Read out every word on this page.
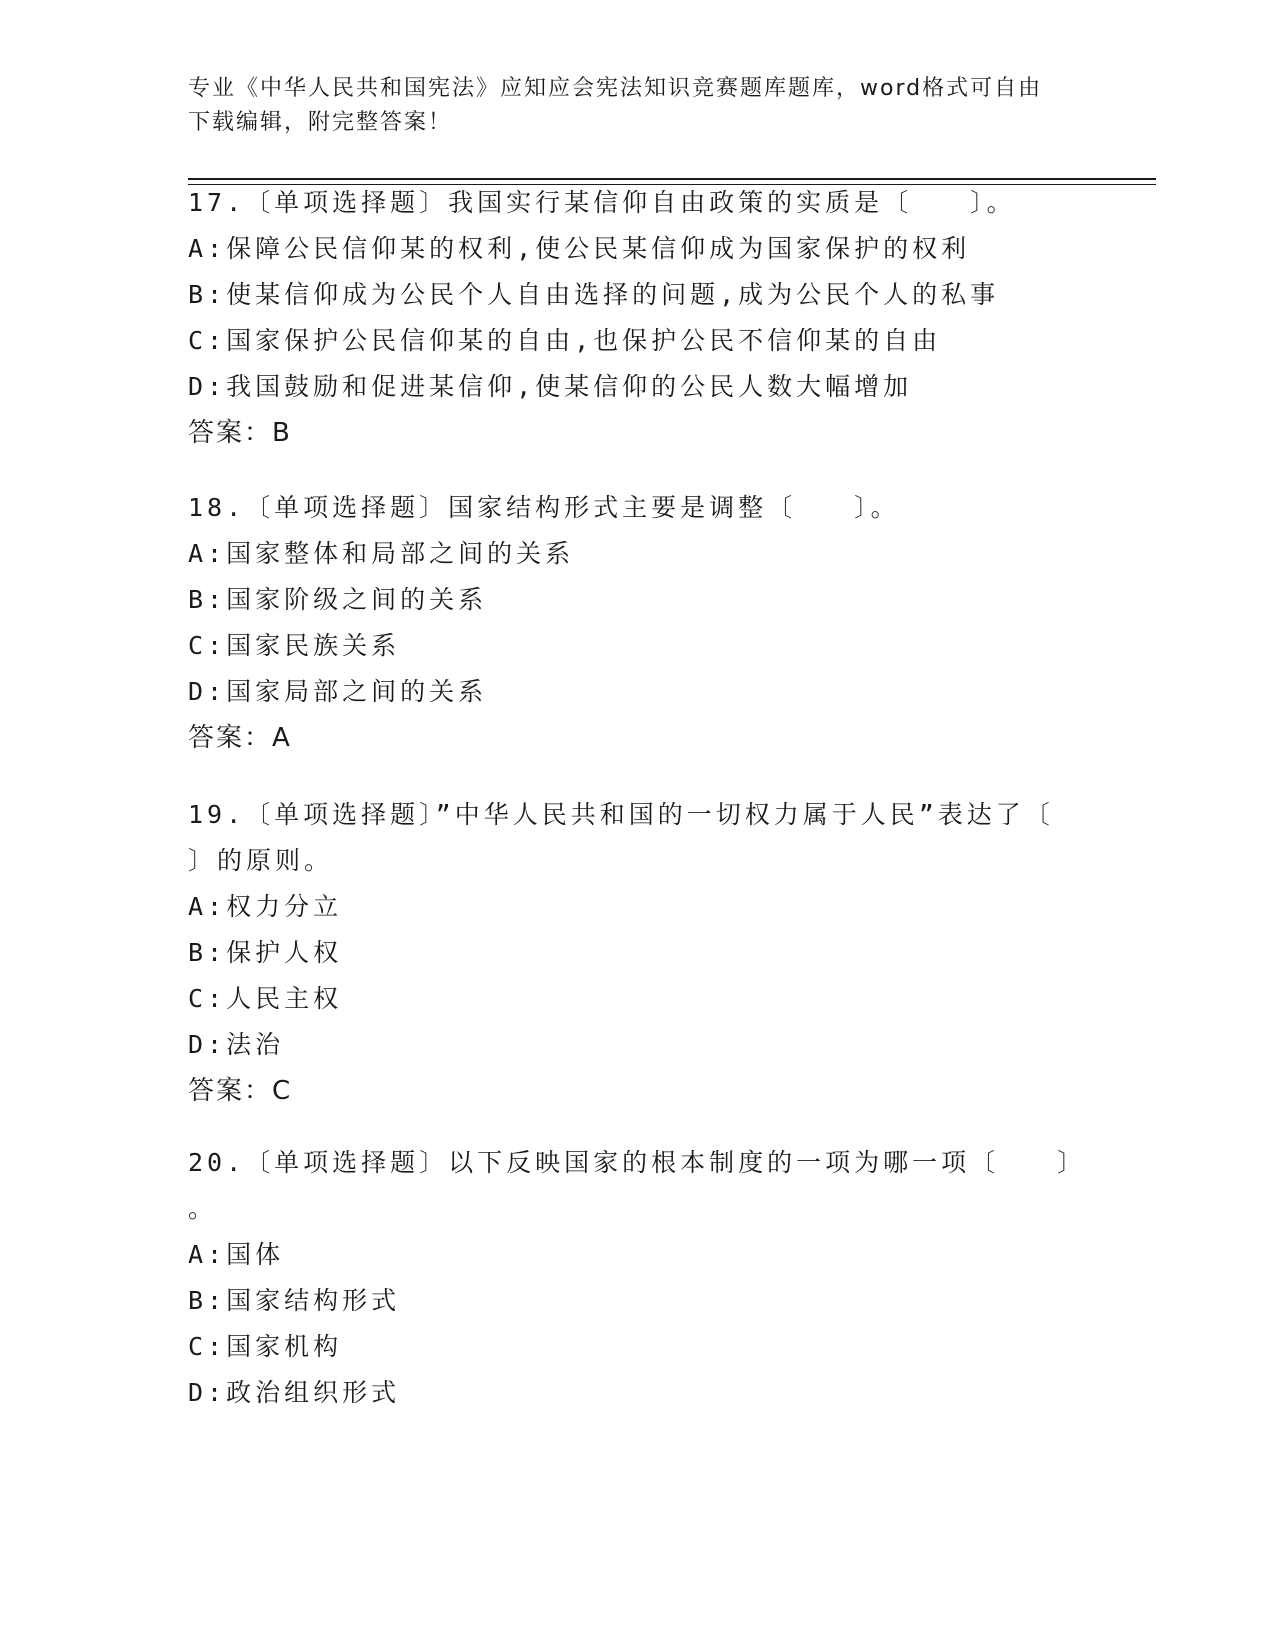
专业《中华人民共和国宪法》应知应会宪法知识竞赛题库题库，word格式可自由
下载编辑，附完整答案！
17.〔单项选择题〕我国实行某信仰自由政策的实质是〔　　〕。
A:保障公民信仰某的权利,使公民某信仰成为国家保护的权利
B:使某信仰成为公民个人自由选择的问题,成为公民个人的私事
C:国家保护公民信仰某的自由,也保护公民不信仰某的自由
D:我国鼓励和促进某信仰,使某信仰的公民人数大幅增加
答案：B
18.〔单项选择题〕国家结构形式主要是调整〔　　〕。
A:国家整体和局部之间的关系
B:国家阶级之间的关系
C:国家民族关系
D:国家局部之间的关系
答案：A
19.〔单项选择题〕”中华人民共和国的一切权力属于人民”表达了〔
〕的原则。
A:权力分立
B:保护人权
C:人民主权
D:法治
答案：C
20.〔单项选择题〕以下反映国家的根本制度的一项为哪一项〔　　〕
。
A:国体
B:国家结构形式
C:国家机构
D:政治组织形式
